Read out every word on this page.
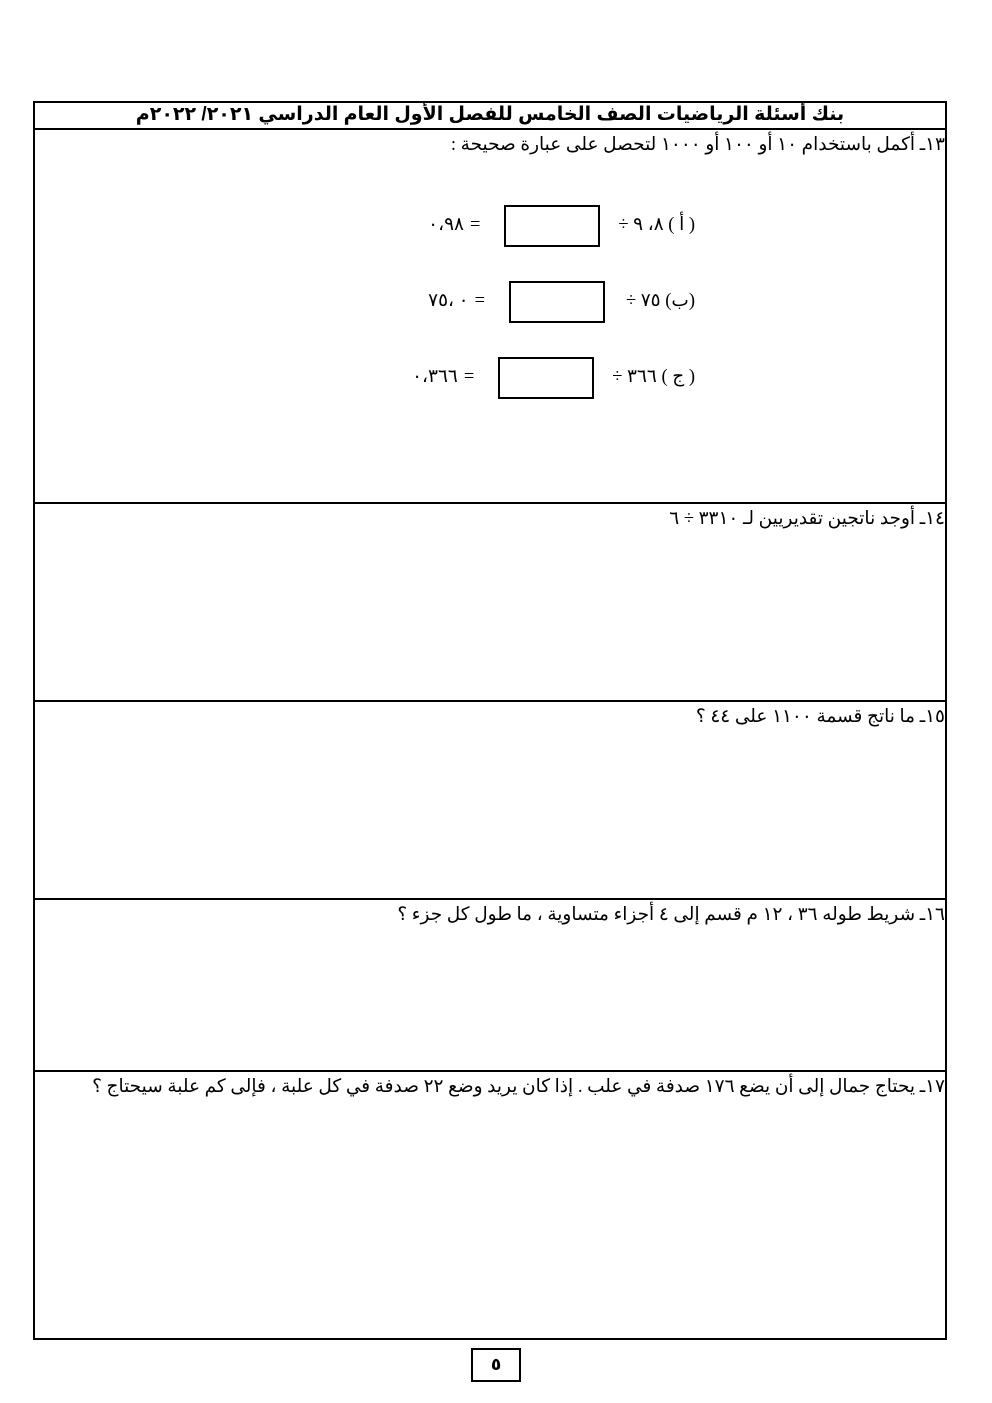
بنك أسئلة الرياضيات الصف الخامس للفصل الأول العام الدراسي ٢٠٢١/ ٢٠٢٢م

١٣ـ أكمل باستخدام ١٠ أو ١٠٠ أو ١٠٠٠ لتحصل على عبارة صحيحة :
( أ ) ٨، ٩ ÷
=
٠،٩٨
(ب) ٧٥ ÷
=
٠ ،٧٥
( ج ) ٣٦٦ ÷
=
٠،٣٦٦

١٤ـ أوجد ناتجين تقديريين لـ ٣٣١٠ ÷ ٦

١٥ـ ما ناتج قسمة ١١٠٠ على ٤٤ ؟

١٦ـ شريط طوله ٣٦ ، ١٢ م قسم إلى ٤ أجزاء متساوية ، ما طول كل جزء ؟

١٧ـ يحتاج جمال إلى أن يضع ١٧٦ صدفة في علب . إذا كان يريد وضع ٢٢ صدفة في كل علبة ، فإلى كم علبة سيحتاج ؟
٥
